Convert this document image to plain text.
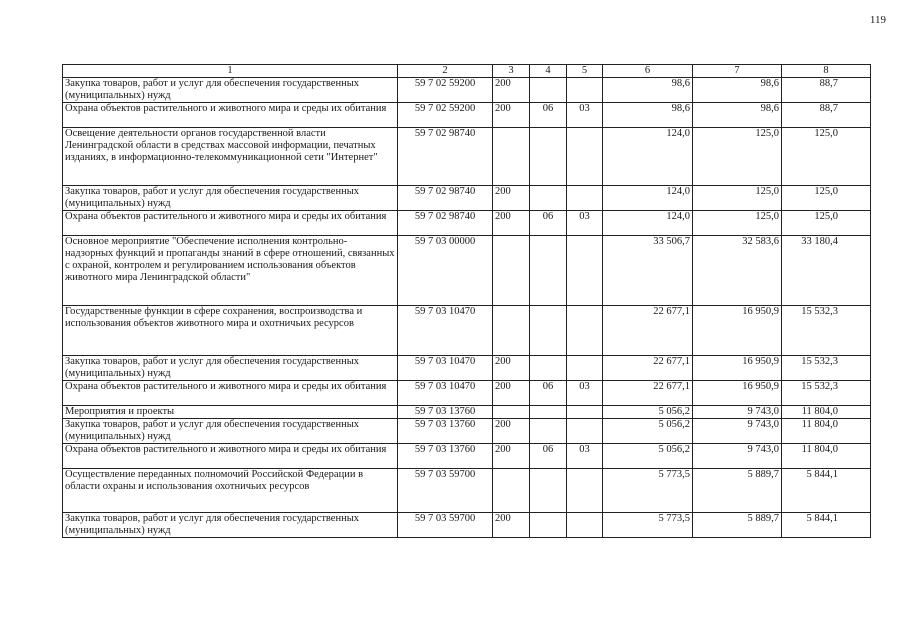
119
1	2	3	4	5	6	7	8
Закупка товаров, работ и услуг для обеспечения государственных (муниципальных) нужд	59 7 02 59200	200			98,6	98,6	88,7
Охрана объектов растительного и животного мира и среды их обитания	59 7 02 59200	200	06	03	98,6	98,6	88,7
Освещение деятельности органов государственной власти Ленинградской области в средствах массовой информации, печатных изданиях, в информационно-телекоммуникационной сети "Интернет"	59 7 02 98740				124,0	125,0	125,0
Закупка товаров, работ и услуг для обеспечения государственных (муниципальных) нужд	59 7 02 98740	200			124,0	125,0	125,0
Охрана объектов растительного и животного мира и среды их обитания	59 7 02 98740	200	06	03	124,0	125,0	125,0
Основное мероприятие "Обеспечение исполнения контрольно-надзорных функций и пропаганды знаний в сфере отношений, связанных с охраной, контролем и регулированием использования объектов животного мира Ленинградской области"	59 7 03 00000				33 506,7	32 583,6	33 180,4
Государственные функции в сфере сохранения, воспроизводства и использования объектов животного мира и охотничьих ресурсов	59 7 03 10470				22 677,1	16 950,9	15 532,3
Закупка товаров, работ и услуг для обеспечения государственных (муниципальных) нужд	59 7 03 10470	200			22 677,1	16 950,9	15 532,3
Охрана объектов растительного и животного мира и среды их обитания	59 7 03 10470	200	06	03	22 677,1	16 950,9	15 532,3
Мероприятия и проекты	59 7 03 13760				5 056,2	9 743,0	11 804,0
Закупка товаров, работ и услуг для обеспечения государственных (муниципальных) нужд	59 7 03 13760	200			5 056,2	9 743,0	11 804,0
Охрана объектов растительного и животного мира и среды их обитания	59 7 03 13760	200	06	03	5 056,2	9 743,0	11 804,0
Осуществление переданных полномочий Российской Федерации в области охраны и использования охотничьих ресурсов	59 7 03 59700				5 773,5	5 889,7	5 844,1
Закупка товаров, работ и услуг для обеспечения государственных (муниципальных) нужд	59 7 03 59700	200			5 773,5	5 889,7	5 844,1
